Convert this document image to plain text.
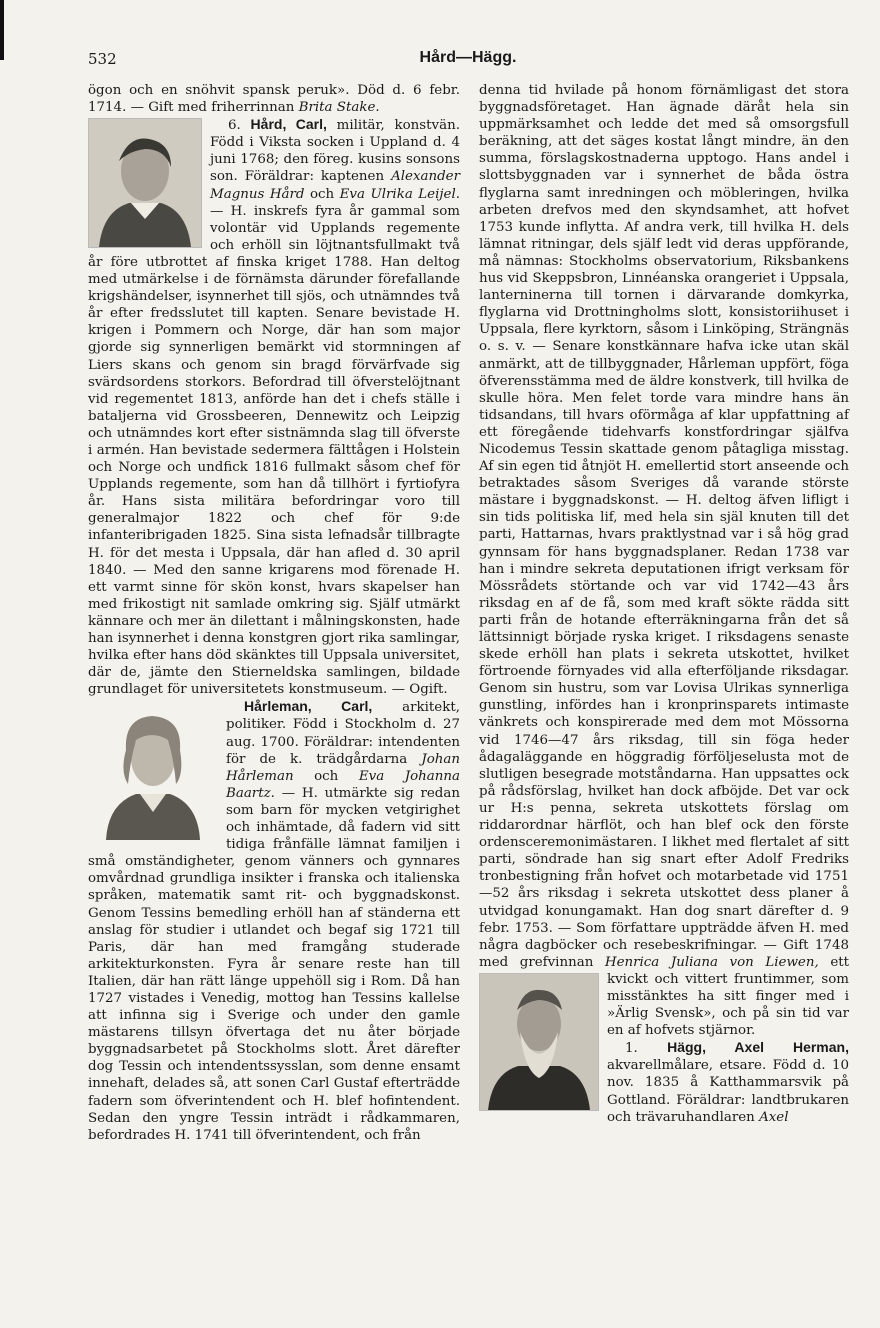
532	Hård—Hägg.

ögon och en snöhvit spansk peruk». Död d. 6 febr. 1714. — Gift med friherrinnan Brita Stake.

6. Hård, Carl,
militär, konstvän. Född i Viksta socken i Uppland d. 4 juni 1768; den föreg. kusins sonsons son. Föräldrar: kaptenen Alexander Magnus Hård och Eva Ulrika Leijel. — H. inskrefs fyra år gammal som volontär vid Upplands regemente och erhöll sin löjtnantsfullmakt två år före utbrottet af finska kriget 1788. Han deltog med utmärkelse i de förnämsta därunder förefallande krigshändelser, isynnerhet till sjös, och utnämndes två år efter fredsslutet till kapten. Senare bevistade H. krigen i Pommern och Norge, där han som major gjorde sig synnerligen bemärkt vid stormningen af Liers skans och genom sin bragd förvärfvade sig svärdsordens storkors. Befordrad till öfverstelöjtnant vid regementet 1813, anförde han det i chefs ställe i bataljerna vid Grossbeeren, Dennewitz och Leipzig och utnämndes kort efter sistnämnda slag till öfverste i armén. Han bevistade sedermera fälttågen i Holstein och Norge och undfick 1816 fullmakt såsom chef för Upplands regemente, som han då tillhört i fyrtiofyra år. Hans sista militära befordringar voro till generalmajor 1822 och chef för 9:de infanteribrigaden 1825. Sina sista lefnadsår tillbragte H. för det mesta i Uppsala, där han afled d. 30 april 1840. — Med den sanne krigarens mod förenade H. ett varmt sinne för skön konst, hvars skapelser han med frikostigt nit samlade omkring sig. Själf utmärkt kännare och mer än dilettant i målningskonsten, hade han isynnerhet i denna konstgren gjort rika samlingar, hvilka efter hans död skänktes till Uppsala universitet, där de, jämte den Stierneldska samlingen, bildade grundlaget för universitetets konstmuseum. — Ogift.

Hårleman, Carl,
arkitekt, politiker. Född i Stockholm d. 27 aug. 1700. Föräldrar: intendenten för de k. trädgårdarna Johan Hårleman och Eva Johanna Baartz. — H. utmärkte sig redan som barn för mycken vetgirighet och inhämtade, då fadern vid sitt tidiga frånfälle lämnat familjen i små omständigheter, genom vänners och gynnares omvårdnad grundliga insikter i franska och italienska språken, matematik samt rit- och byggnadskonst. Genom Tessins bemedling erhöll han af ständerna ett anslag för studier i utlandet och begaf sig 1721 till Paris, där han med framgång studerade arkitekturkonsten. Fyra år senare reste han till Italien, där han rätt länge uppehöll sig i Rom. Då han 1727 vistades i Venedig, mottog han Tessins kallelse att infinna sig i Sverige och under den gamle mästarens tillsyn öfvertaga det nu åter började byggnadsarbetet på Stockholms slott. Året därefter dog Tessin och intendentssysslan, som denne ensamt innehaft, delades så, att sonen Carl Gustaf efterträdde fadern som öfverintendent och H. blef hofintendent. Sedan den yngre Tessin inträdt i rådkammaren, befordrades H. 1741 till öfverintendent, och från

denna tid hvilade på honom förnämligast det stora byggnadsföretaget. Han ägnade däråt hela sin uppmärksamhet och ledde det med så omsorgsfull beräkning, att det säges kostat långt mindre, än den summa, förslagskostnaderna upptogo. Hans andel i slottsbyggnaden var i synnerhet de båda östra flyglarna samt inredningen och möbleringen, hvilka arbeten drefvos med den skyndsamhet, att hofvet 1753 kunde inflytta. Af andra verk, till hvilka H. dels lämnat ritningar, dels själf ledt vid deras uppförande, må nämnas: Stockholms observatorium, Riksbankens hus vid Skeppsbron, Linnéanska orangeriet i Uppsala, lanterninerna till tornen i därvarande domkyrka, flyglarna vid Drottningholms slott, konsistoriihuset i Uppsala, flere kyrktorn, såsom i Linköping, Strängnäs o. s. v. — Senare konstkännare hafva icke utan skäl anmärkt, att de tillbyggnader, Hårleman uppfört, föga öfverensstämma med de äldre konstverk, till hvilka de skulle höra. Men felet torde vara mindre hans än tidsandans, till hvars oförmåga af klar uppfattning af ett föregående tidehvarfs konstfordringar själfva Nicodemus Tessin skattade genom påtagliga misstag. Af sin egen tid åtnjöt H. emellertid stort anseende och betraktades såsom Sveriges då varande störste mästare i byggnadskonst. — H. deltog äfven lifligt i sin tids politiska lif, med hela sin själ knuten till det parti, Hattarnas, hvars praktlystnad var i så hög grad gynnsam för hans byggnadsplaner. Redan 1738 var han i mindre sekreta deputationen ifrigt verksam för Mössrådets störtande och var vid 1742—43 års riksdag en af de få, som med kraft sökte rädda sitt parti från de hotande efterräkningarna från det så lättsinnigt började ryska kriget. I riksdagens senaste skede erhöll han plats i sekreta utskottet, hvilket förtroende förnyades vid alla efterföljande riksdagar. Genom sin hustru, som var Lovisa Ulrikas synnerliga gunstling, infördes han i kronprinsparets intimaste vänkrets och konspirerade med dem mot Mössorna vid 1746—47 års riksdag, till sin föga heder ådagaläggande en höggradig förföljeselusta mot de slutligen besegrade motståndarna. Han uppsattes ock på rådsförslag, hvilket han dock afböjde. Det var ock ur H:s penna, sekreta utskottets förslag om riddarordnar härflöt, och han blef ock den förste ordensceremonimästaren. I likhet med flertalet af sitt parti, söndrade han sig snart efter Adolf Fredriks tronbestigning från hofvet och motarbetade vid 1751—52 års riksdag i sekreta utskottet dess planer å utvidgad konungamakt. Han dog snart därefter d. 9 febr. 1753. — Som författare uppträdde äfven H. med några dagböcker och resebeskrifningar. — Gift 1748 med grefvinnan Henrica Juliana von Liewen,
ett kvickt och vittert fruntimmer, som misstänktes ha sitt finger med i »Ärlig Svensk», och på sin tid var en af hofvets stjärnor.

1. Hägg, Axel Herman, akvarellmålare, etsare. Född d. 10 nov. 1835 å Katthammarsvik på Gottland. Föräldrar: landtbrukaren och trävaruhandlaren Axel
